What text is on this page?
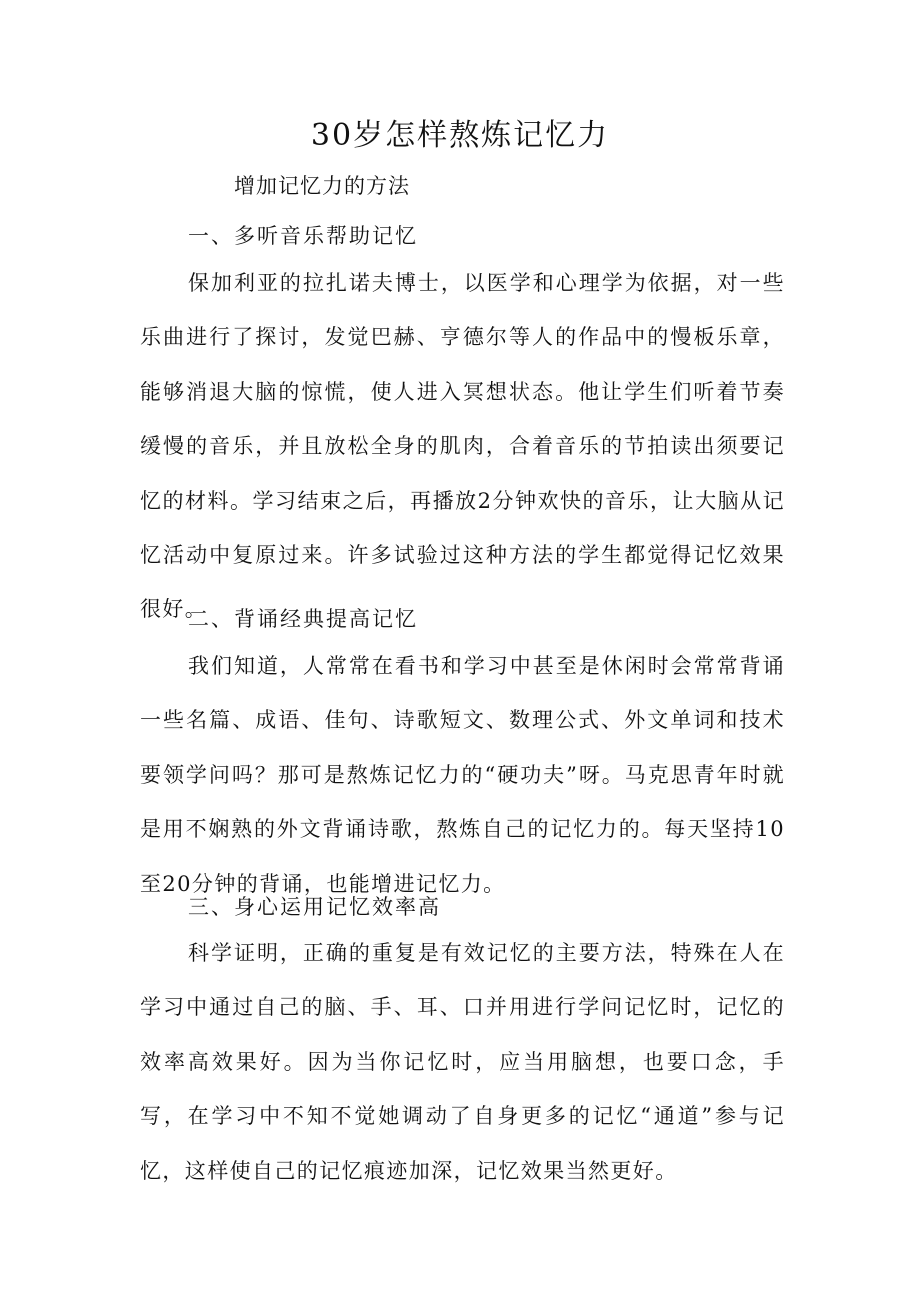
30岁怎样熬炼记忆力

增加记忆力的方法

一、多听音乐帮助记忆

保加利亚的拉扎诺夫博士，以医学和心理学为依据，对一些乐曲进行了探讨，发觉巴赫、亨德尔等人的作品中的慢板乐章，能够消退大脑的惊慌，使人进入冥想状态。他让学生们听着节奏缓慢的音乐，并且放松全身的肌肉，合着音乐的节拍读出须要记忆的材料。学习结束之后，再播放2分钟欢快的音乐，让大脑从记忆活动中复原过来。许多试验过这种方法的学生都觉得记忆效果很好。

二、背诵经典提高记忆

我们知道，人常常在看书和学习中甚至是休闲时会常常背诵一些名篇、成语、佳句、诗歌短文、数理公式、外文单词和技术要领学问吗？那可是熬炼记忆力的“硬功夫”呀。马克思青年时就是用不娴熟的外文背诵诗歌，熬炼自己的记忆力的。每天坚持10至20分钟的背诵，也能增进记忆力。

三、身心运用记忆效率高

科学证明，正确的重复是有效记忆的主要方法，特殊在人在学习中通过自己的脑、手、耳、口并用进行学问记忆时，记忆的效率高效果好。因为当你记忆时，应当用脑想，也要口念，手写，在学习中不知不觉她调动了自身更多的记忆“通道”参与记忆，这样使自己的记忆痕迹加深，记忆效果当然更好。
